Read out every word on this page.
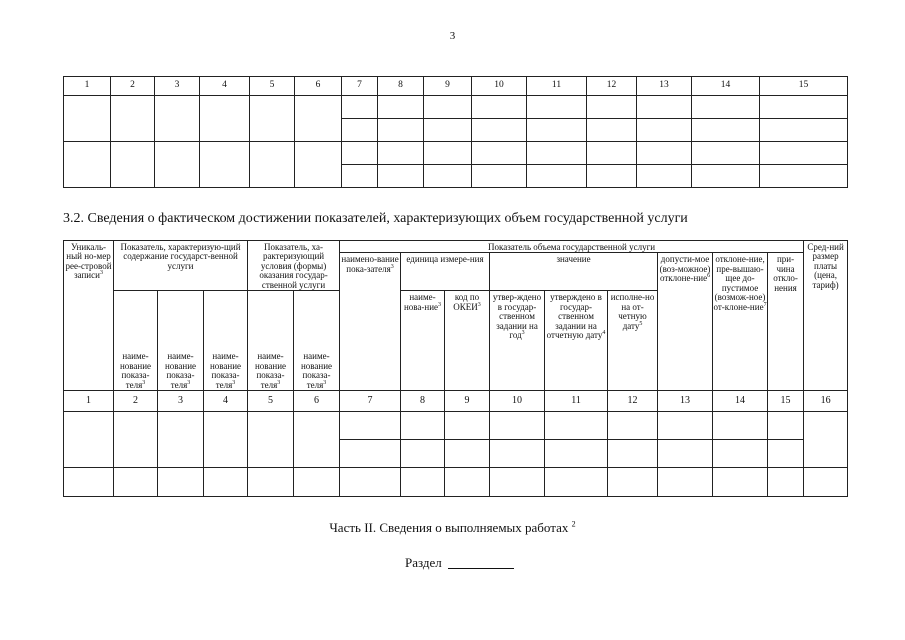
3
1	2	3	4	5	6	7	8	9	10	11	12	13	14	15

3.2. Сведения о фактическом достижении показателей, характеризующих объем государственной услуги
Уникаль-ный но-мер рее-стровой записи$^3$	Показатель, характеризую-щий содержание государст-венной услуги			Показатель, ха-рактеризующий условия (формы) оказания государ-ственной услуги		Показатель объема государственной услуги									Сред-ний размер платы (цена, тариф)
						наимено-вание пока-зателя$^3$	единица измере-ния		значение			допусти-мое (воз-можное) отклоне-ние$^6$	отклоне-ние, пре-вышаю-щее до-пустимое (возмож-ное) от-клоне-ние$^7$	при-чина откло-нения	
	наиме-нование показа-теля$^3$	наиме-нование показа-теля$^3$	наиме-нование показа-теля$^3$	наиме-нование показа-теля$^3$	наиме-нование показа-теля$^3$		наиме-нова-ние$^3$	код по ОКЕИ$^3$	утвер-ждено в государ-ственном задании на год$^3$	утверждено в государ-ственном задании на отчетную дату$^4$	исполне-но на от-четную дату$^5$
1	2	3	4	5	6	7	8	9	10	11	12	13	14	15	16

Часть II. Сведения о выполняемых работах $^2$
Раздел
